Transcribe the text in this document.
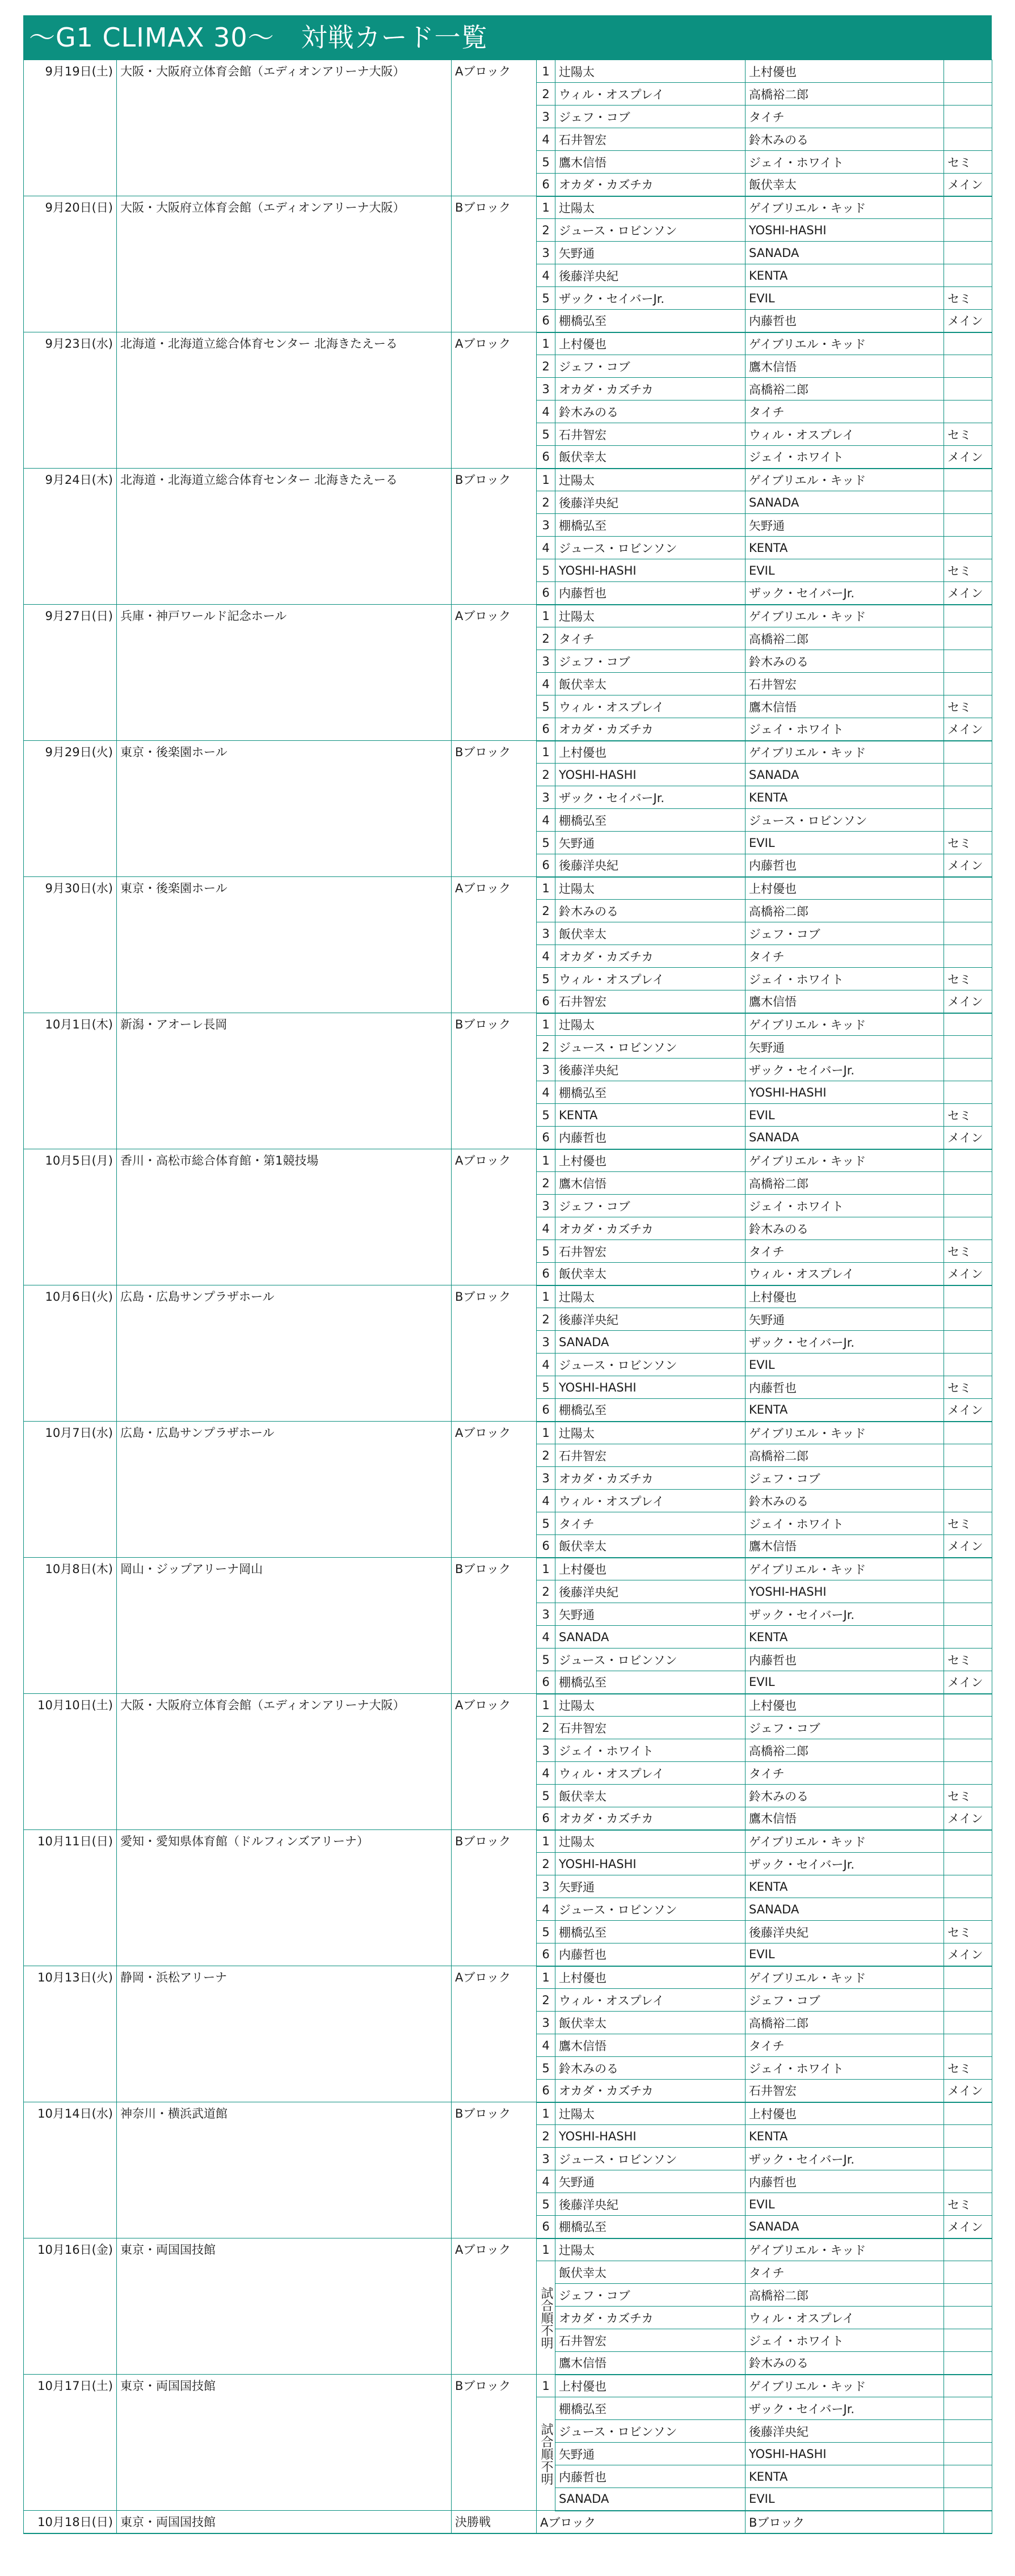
～G1 CLIMAX 30～　対戦カード一覧
9月19日(土)	大阪・大阪府立体育会館（エディオンアリーナ大阪）	Aブロック	1	辻陽太	上村優也	
			2	ウィル・オスプレイ	高橋裕二郎	
			3	ジェフ・コブ	タイチ	
			4	石井智宏	鈴木みのる	
			5	鷹木信悟	ジェイ・ホワイト	セミ
			6	オカダ・カズチカ	飯伏幸太	メイン
9月20日(日)	大阪・大阪府立体育会館（エディオンアリーナ大阪）	Bブロック	1	辻陽太	ゲイブリエル・キッド	
			2	ジュース・ロビンソン	YOSHI-HASHI	
			3	矢野通	SANADA	
			4	後藤洋央紀	KENTA	
			5	ザック・セイバーJr.	EVIL	セミ
			6	棚橋弘至	内藤哲也	メイン
9月23日(水)	北海道・北海道立総合体育センター 北海きたえーる	Aブロック	1	上村優也	ゲイブリエル・キッド	
			2	ジェフ・コブ	鷹木信悟	
			3	オカダ・カズチカ	高橋裕二郎	
			4	鈴木みのる	タイチ	
			5	石井智宏	ウィル・オスプレイ	セミ
			6	飯伏幸太	ジェイ・ホワイト	メイン
9月24日(木)	北海道・北海道立総合体育センター 北海きたえーる	Bブロック	1	辻陽太	ゲイブリエル・キッド	
			2	後藤洋央紀	SANADA	
			3	棚橋弘至	矢野通	
			4	ジュース・ロビンソン	KENTA	
			5	YOSHI-HASHI	EVIL	セミ
			6	内藤哲也	ザック・セイバーJr.	メイン
9月27日(日)	兵庫・神戸ワールド記念ホール	Aブロック	1	辻陽太	ゲイブリエル・キッド	
			2	タイチ	高橋裕二郎	
			3	ジェフ・コブ	鈴木みのる	
			4	飯伏幸太	石井智宏	
			5	ウィル・オスプレイ	鷹木信悟	セミ
			6	オカダ・カズチカ	ジェイ・ホワイト	メイン
9月29日(火)	東京・後楽園ホール	Bブロック	1	上村優也	ゲイブリエル・キッド	
			2	YOSHI-HASHI	SANADA	
			3	ザック・セイバーJr.	KENTA	
			4	棚橋弘至	ジュース・ロビンソン	
			5	矢野通	EVIL	セミ
			6	後藤洋央紀	内藤哲也	メイン
9月30日(水)	東京・後楽園ホール	Aブロック	1	辻陽太	上村優也	
			2	鈴木みのる	高橋裕二郎	
			3	飯伏幸太	ジェフ・コブ	
			4	オカダ・カズチカ	タイチ	
			5	ウィル・オスプレイ	ジェイ・ホワイト	セミ
			6	石井智宏	鷹木信悟	メイン
10月1日(木)	新潟・アオーレ長岡	Bブロック	1	辻陽太	ゲイブリエル・キッド	
			2	ジュース・ロビンソン	矢野通	
			3	後藤洋央紀	ザック・セイバーJr.	
			4	棚橋弘至	YOSHI-HASHI	
			5	KENTA	EVIL	セミ
			6	内藤哲也	SANADA	メイン
10月5日(月)	香川・高松市総合体育館・第1競技場	Aブロック	1	上村優也	ゲイブリエル・キッド	
			2	鷹木信悟	高橋裕二郎	
			3	ジェフ・コブ	ジェイ・ホワイト	
			4	オカダ・カズチカ	鈴木みのる	
			5	石井智宏	タイチ	セミ
			6	飯伏幸太	ウィル・オスプレイ	メイン
10月6日(火)	広島・広島サンプラザホール	Bブロック	1	辻陽太	上村優也	
			2	後藤洋央紀	矢野通	
			3	SANADA	ザック・セイバーJr.	
			4	ジュース・ロビンソン	EVIL	
			5	YOSHI-HASHI	内藤哲也	セミ
			6	棚橋弘至	KENTA	メイン
10月7日(水)	広島・広島サンプラザホール	Aブロック	1	辻陽太	ゲイブリエル・キッド	
			2	石井智宏	高橋裕二郎	
			3	オカダ・カズチカ	ジェフ・コブ	
			4	ウィル・オスプレイ	鈴木みのる	
			5	タイチ	ジェイ・ホワイト	セミ
			6	飯伏幸太	鷹木信悟	メイン
10月8日(木)	岡山・ジップアリーナ岡山	Bブロック	1	上村優也	ゲイブリエル・キッド	
			2	後藤洋央紀	YOSHI-HASHI	
			3	矢野通	ザック・セイバーJr.	
			4	SANADA	KENTA	
			5	ジュース・ロビンソン	内藤哲也	セミ
			6	棚橋弘至	EVIL	メイン
10月10日(土)	大阪・大阪府立体育会館（エディオンアリーナ大阪）	Aブロック	1	辻陽太	上村優也	
			2	石井智宏	ジェフ・コブ	
			3	ジェイ・ホワイト	高橋裕二郎	
			4	ウィル・オスプレイ	タイチ	
			5	飯伏幸太	鈴木みのる	セミ
			6	オカダ・カズチカ	鷹木信悟	メイン
10月11日(日)	愛知・愛知県体育館（ドルフィンズアリーナ）	Bブロック	1	辻陽太	ゲイブリエル・キッド	
			2	YOSHI-HASHI	ザック・セイバーJr.	
			3	矢野通	KENTA	
			4	ジュース・ロビンソン	SANADA	
			5	棚橋弘至	後藤洋央紀	セミ
			6	内藤哲也	EVIL	メイン
10月13日(火)	静岡・浜松アリーナ	Aブロック	1	上村優也	ゲイブリエル・キッド	
			2	ウィル・オスプレイ	ジェフ・コブ	
			3	飯伏幸太	高橋裕二郎	
			4	鷹木信悟	タイチ	
			5	鈴木みのる	ジェイ・ホワイト	セミ
			6	オカダ・カズチカ	石井智宏	メイン
10月14日(水)	神奈川・横浜武道館	Bブロック	1	辻陽太	上村優也	
			2	YOSHI-HASHI	KENTA	
			3	ジュース・ロビンソン	ザック・セイバーJr.	
			4	矢野通	内藤哲也	
			5	後藤洋央紀	EVIL	セミ
			6	棚橋弘至	SANADA	メイン
10月16日(金)	東京・両国国技館	Aブロック	1	辻陽太	ゲイブリエル・キッド	
			試合順不明	飯伏幸太	タイチ	
				ジェフ・コブ	高橋裕二郎	
				オカダ・カズチカ	ウィル・オスプレイ	
				石井智宏	ジェイ・ホワイト	
				鷹木信悟	鈴木みのる	
10月17日(土)	東京・両国国技館	Bブロック	1	上村優也	ゲイブリエル・キッド	
			試合順不明	棚橋弘至	ザック・セイバーJr.	
				ジュース・ロビンソン	後藤洋央紀	
				矢野通	YOSHI-HASHI	
				内藤哲也	KENTA	
				SANADA	EVIL	
10月18日(日)	東京・両国国技館	決勝戦	Aブロック		Bブロック	
